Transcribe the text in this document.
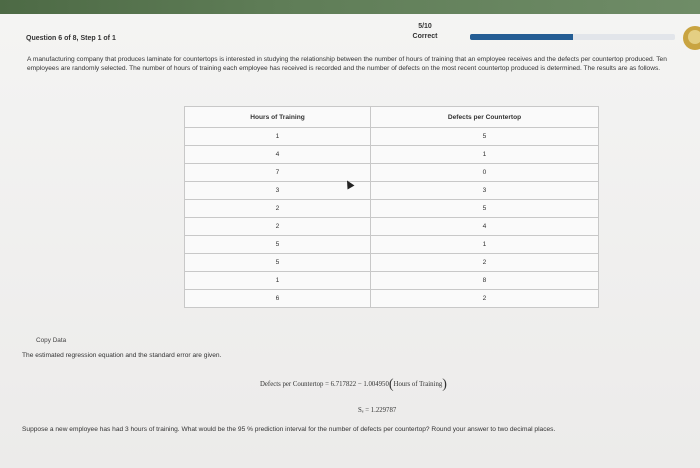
Question 6 of 8, Step 1 of 1
5/10
Correct
A manufacturing company that produces laminate for countertops is interested in studying the relationship between the number of hours of training that an employee receives and the defects per countertop produced. Ten employees are randomly selected. The number of hours of training each employee has received is recorded and the number of defects on the most recent countertop produced is determined. The results are as follows.
Hours of Training	Defects per Countertop
1	5
4	1
7	0
3	3
2	5
2	4
5	1
5	2
1	8
6	2
Copy Data
The estimated regression equation and the standard error are given.
Defects per Countertop = 6.717822 − 1.004950(Hours of Training)
Sₑ = 1.229787
Suppose a new employee has had 3 hours of training. What would be the 95 % prediction interval for the number of defects per countertop? Round your answer to two decimal places.
